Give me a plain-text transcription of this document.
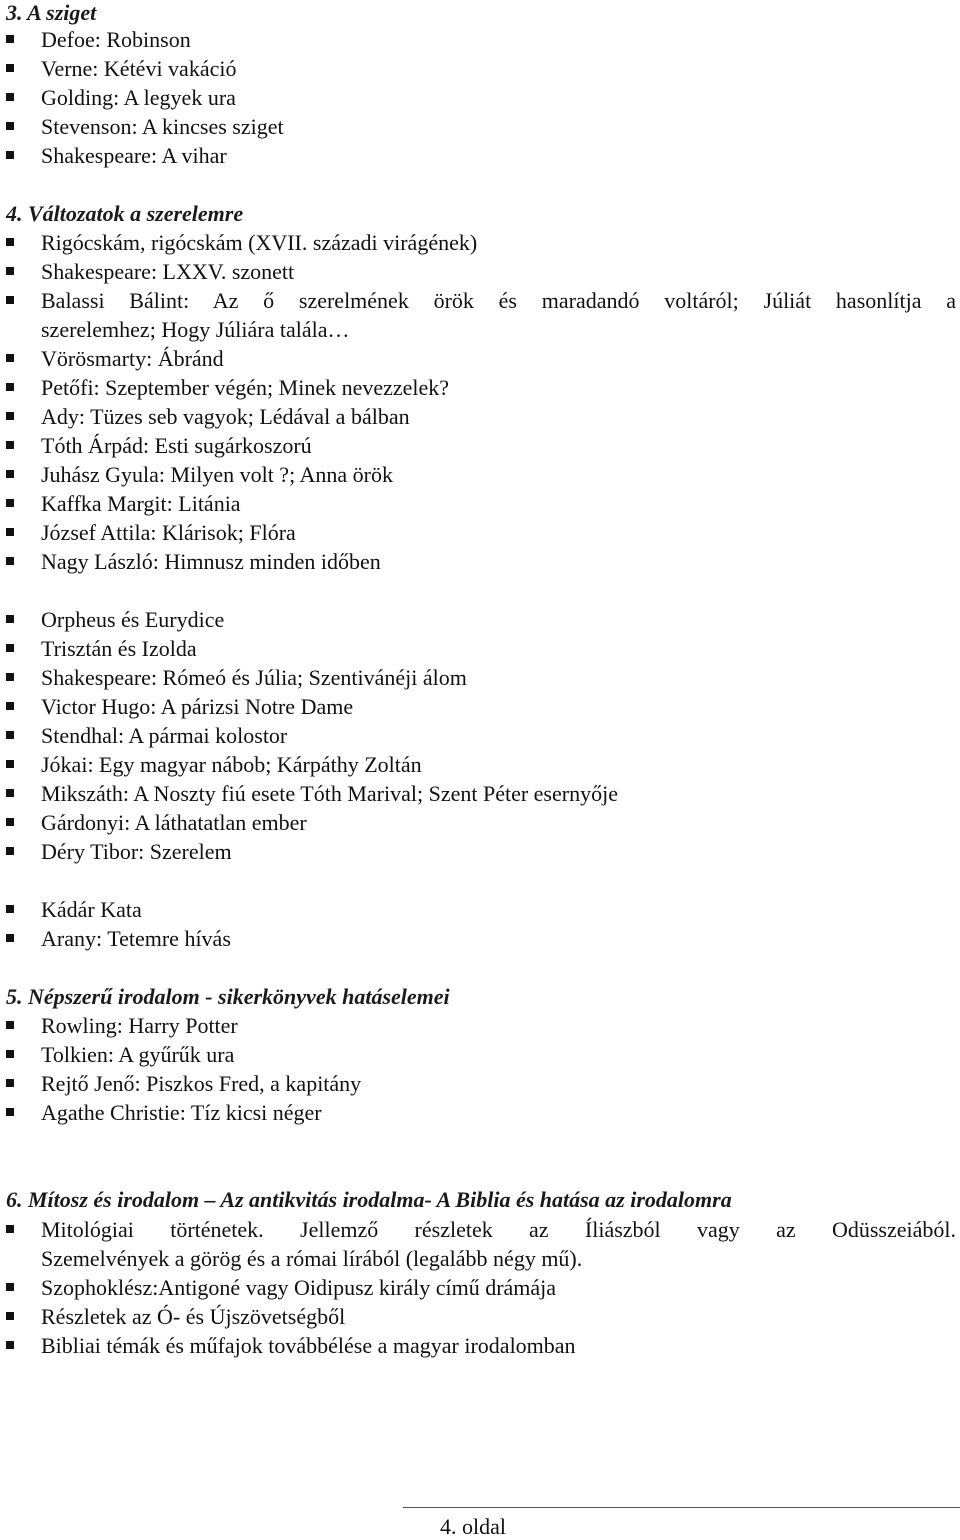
3. A sziget
Defoe: Robinson
Verne: Kétévi vakáció
Golding: A legyek ura
Stevenson: A kincses sziget
Shakespeare: A vihar
4. Változatok a szerelemre
Rigócskám, rigócskám (XVII. századi virágének)
Shakespeare: LXXV. szonett
Balassi Bálint: Az ő szerelmének örök és maradandó voltáról; Júliát hasonlítja a
szerelemhez; Hogy Júliára talála…
Vörösmarty: Ábránd
Petőfi: Szeptember végén; Minek nevezzelek?
Ady: Tüzes seb vagyok; Lédával a bálban
Tóth Árpád: Esti sugárkoszorú
Juhász Gyula: Milyen volt ?; Anna örök
Kaffka Margit: Litánia
József Attila: Klárisok; Flóra
Nagy László: Himnusz minden időben
Orpheus és Eurydice
Trisztán és Izolda
Shakespeare: Rómeó és Júlia; Szentivánéji álom
Victor Hugo: A párizsi Notre Dame
Stendhal: A pármai kolostor
Jókai: Egy magyar nábob; Kárpáthy Zoltán
Mikszáth: A Noszty fiú esete Tóth Marival; Szent Péter esernyője
Gárdonyi: A láthatatlan ember
Déry Tibor: Szerelem
Kádár Kata
Arany: Tetemre hívás
5. Népszerű irodalom - sikerkönyvek hatáselemei
Rowling: Harry Potter
Tolkien: A gyűrűk ura
Rejtő Jenő: Piszkos Fred, a kapitány
Agathe Christie: Tíz kicsi néger
6. Mítosz és irodalom – Az antikvitás irodalma- A Biblia és hatása az irodalomra
Mitológiai történetek. Jellemző részletek az Íliászból vagy az Odüsszeiából.
Szemelvények a görög és a római lírából (legalább négy mű).
Szophoklész:Antigoné vagy Oidipusz király című drámája
Részletek az Ó- és Újszövetségből
Bibliai témák és műfajok továbbélése a magyar irodalomban
4. oldal
